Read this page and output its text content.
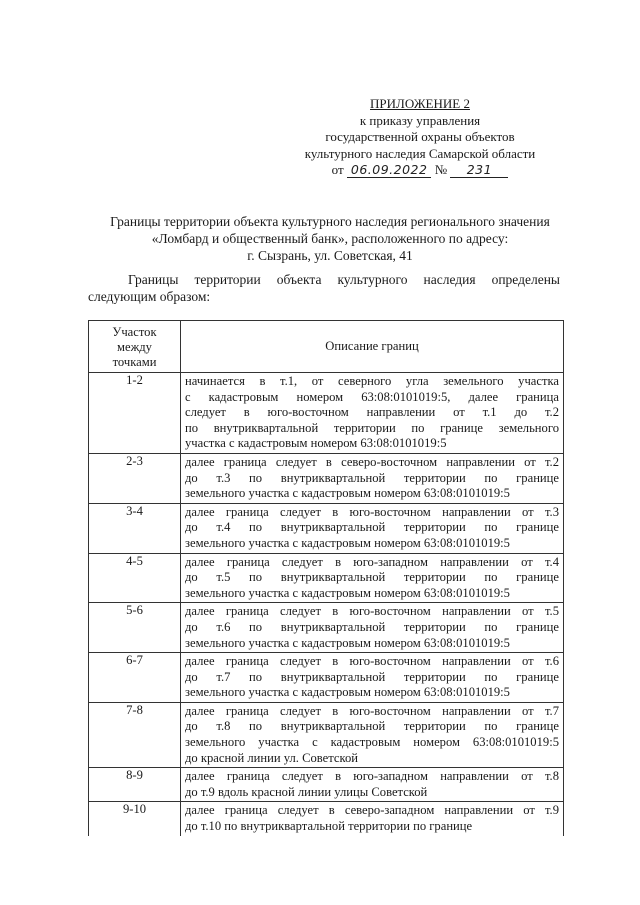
ПРИЛОЖЕНИЕ 2
к приказу управления
государственной охраны объектов
культурного наследия Самарской области
от 06.09.2022 № 231
Границы территории объекта культурного наследия регионального значения
«Ломбард и общественный банк», расположенного по адресу:
г. Сызрань, ул. Советская, 41
Границы территории объекта культурного наследия определены
следующим образом:
Участок между точками	Описание границ
1-2	начинается в т.1, от северного угла земельного участка
с кадастровым номером 63:08:0101019:5, далее граница
следует в юго-восточном направлении от т.1 до т.2
по внутриквартальной территории по границе земельного
участка с кадастровым номером 63:08:0101019:5

2-3	далее граница следует в северо-восточном направлении от т.2
до т.3 по внутриквартальной территории по границе
земельного участка с кадастровым номером 63:08:0101019:5

3-4	далее граница следует в юго-восточном направлении от т.3
до т.4 по внутриквартальной территории по границе
земельного участка с кадастровым номером 63:08:0101019:5

4-5	далее граница следует в юго-западном направлении от т.4
до т.5 по внутриквартальной территории по границе
земельного участка с кадастровым номером 63:08:0101019:5

5-6	далее граница следует в юго-восточном направлении от т.5
до т.6 по внутриквартальной территории по границе
земельного участка с кадастровым номером 63:08:0101019:5

6-7	далее граница следует в юго-восточном направлении от т.6
до т.7 по внутриквартальной территории по границе
земельного участка с кадастровым номером 63:08:0101019:5

7-8	далее граница следует в юго-восточном направлении от т.7
до т.8 по внутриквартальной территории по границе
земельного участка с кадастровым номером 63:08:0101019:5
до красной линии ул. Советской

8-9	далее граница следует в юго-западном направлении от т.8
до т.9 вдоль красной линии улицы Советской

9-10	далее граница следует в северо-западном направлении от т.9
до т.10 по внутриквартальной территории по границе
